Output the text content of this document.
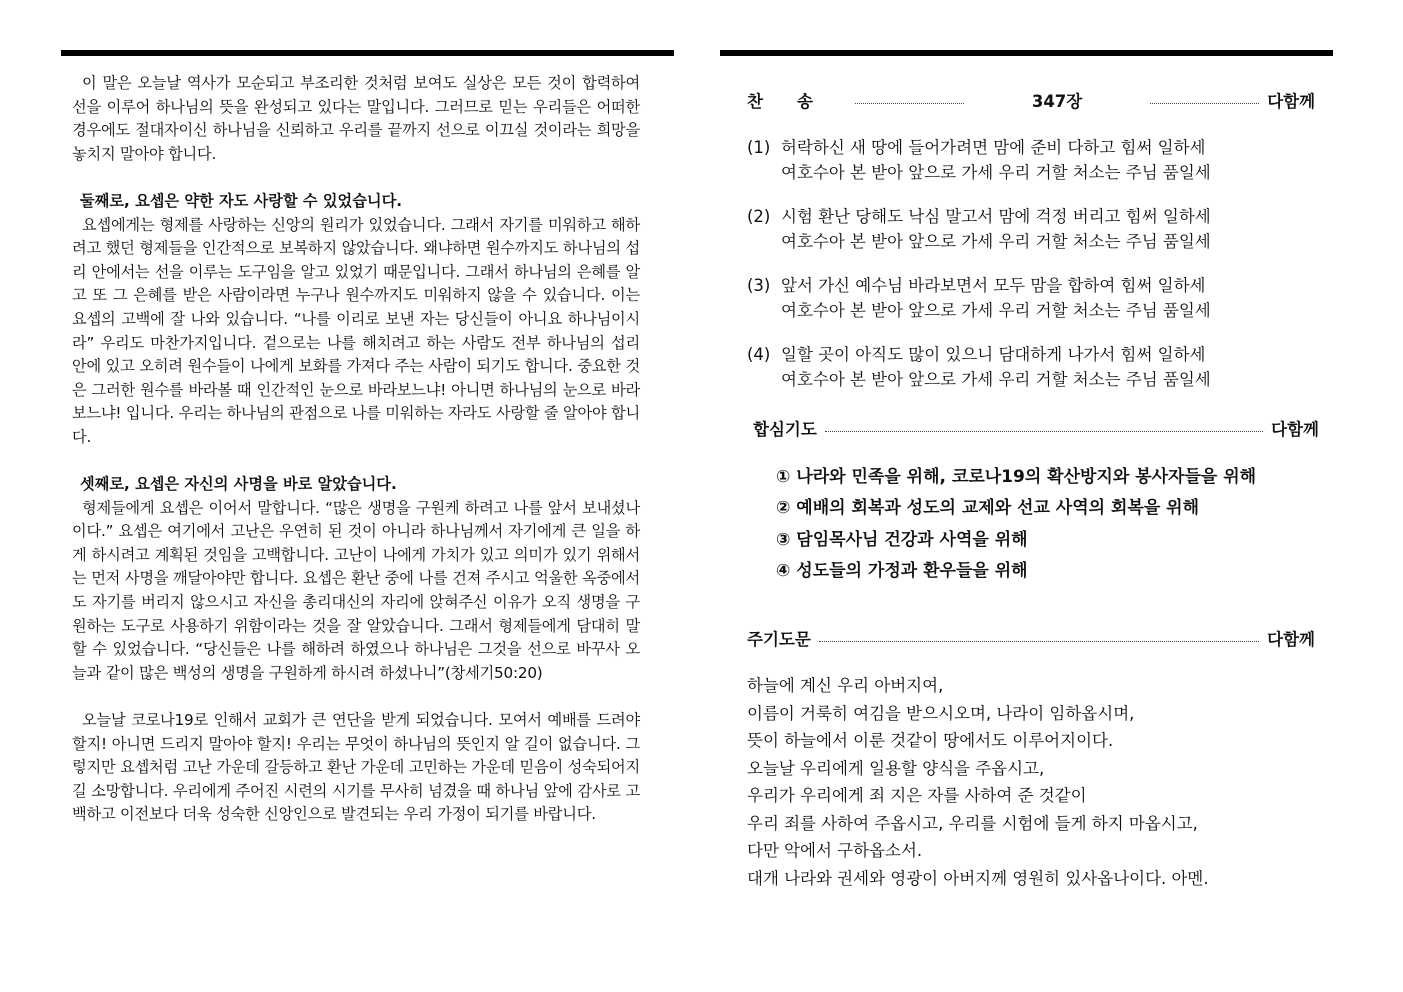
이 말은 오늘날 역사가 모순되고 부조리한 것처럼 보여도 실상은 모든 것이 합력하여 선을 이루어 하나님의 뜻을 완성되고 있다는 말입니다. 그러므로 믿는 우리들은 어떠한 경우에도 절대자이신 하나님을 신뢰하고 우리를 끝까지 선으로 이끄실 것이라는 희망을 놓치지 말아야 합니다.

둘째로, 요셉은 약한 자도 사랑할 수 있었습니다.

요셉에게는 형제를 사랑하는 신앙의 원리가 있었습니다. 그래서 자기를 미워하고 해하려고 했던 형제들을 인간적으로 보복하지 않았습니다. 왜냐하면 원수까지도 하나님의 섭리 안에서는 선을 이루는 도구임을 알고 있었기 때문입니다. 그래서 하나님의 은혜를 알고 또 그 은혜를 받은 사람이라면 누구나 원수까지도 미워하지 않을 수 있습니다. 이는 요셉의 고백에 잘 나와 있습니다. “나를 이리로 보낸 자는 당신들이 아니요 하나님이시라” 우리도 마찬가지입니다. 겉으로는 나를 해치려고 하는 사람도 전부 하나님의 섭리 안에 있고 오히려 원수들이 나에게 보화를 가져다 주는 사람이 되기도 합니다. 중요한 것은 그러한 원수를 바라볼 때 인간적인 눈으로 바라보느냐! 아니면 하나님의 눈으로 바라보느냐! 입니다. 우리는 하나님의 관점으로 나를 미워하는 자라도 사랑할 줄 알아야 합니다.

셋째로, 요셉은 자신의 사명을 바로 알았습니다.

형제들에게 요셉은 이어서 말합니다. “많은 생명을 구원케 하려고 나를 앞서 보내셨나이다.” 요셉은 여기에서 고난은 우연히 된 것이 아니라 하나님께서 자기에게 큰 일을 하게 하시려고 계획된 것임을 고백합니다. 고난이 나에게 가치가 있고 의미가 있기 위해서는 먼저 사명을 깨달아야만 합니다. 요셉은 환난 중에 나를 건져 주시고 억울한 옥중에서도 자기를 버리지 않으시고 자신을 총리대신의 자리에 앉혀주신 이유가 오직 생명을 구원하는 도구로 사용하기 위함이라는 것을 잘 알았습니다. 그래서 형제들에게 담대히 말할 수 있었습니다. “당신들은 나를 해하려 하였으나 하나님은 그것을 선으로 바꾸사 오늘과 같이 많은 백성의 생명을 구원하게 하시려 하셨나니”(창세기50:20)

오늘날 코로나19로 인해서 교회가 큰 연단을 받게 되었습니다. 모여서 예배를 드려야 할지! 아니면 드리지 말아야 할지! 우리는 무엇이 하나님의 뜻인지 알 길이 없습니다. 그렇지만 요셉처럼 고난 가운데 갈등하고 환난 가운데 고민하는 가운데 믿음이 성숙되어지길 소망합니다. 우리에게 주어진 시련의 시기를 무사히 넘겼을 때 하나님 앞에 감사로 고백하고 이전보다 더욱 성숙한 신앙인으로 발견되는 우리 가정이 되기를 바랍니다.

찬송	347장	다함께
(1) 허락하신 새 땅에 들어가려면 맘에 준비 다하고 힘써 일하세
여호수아 본 받아 앞으로 가세 우리 거할 처소는 주님 품일세
(2) 시험 환난 당해도 낙심 말고서 맘에 걱정 버리고 힘써 일하세
여호수아 본 받아 앞으로 가세 우리 거할 처소는 주님 품일세
(3) 앞서 가신 예수님 바라보면서 모두 맘을 합하여 힘써 일하세
여호수아 본 받아 앞으로 가세 우리 거할 처소는 주님 품일세
(4) 일할 곳이 아직도 많이 있으니 담대하게 나가서 힘써 일하세
여호수아 본 받아 앞으로 가세 우리 거할 처소는 주님 품일세
합심기도	다함께
① 나라와 민족을 위해, 코로나19의 확산방지와 봉사자들을 위해
② 예배의 회복과 성도의 교제와 선교 사역의 회복을 위해
③ 담임목사님 건강과 사역을 위해
④ 성도들의 가정과 환우들을 위해
주기도문	다함께
하늘에 계신 우리 아버지여,
이름이 거룩히 여김을 받으시오며, 나라이 임하옵시며,
뜻이 하늘에서 이룬 것같이 땅에서도 이루어지이다.
오늘날 우리에게 일용할 양식을 주옵시고,
우리가 우리에게 죄 지은 자를 사하여 준 것같이
우리 죄를 사하여 주옵시고, 우리를 시험에 들게 하지 마옵시고,
다만 악에서 구하옵소서.
대개 나라와 권세와 영광이 아버지께 영원히 있사옵나이다. 아멘.
